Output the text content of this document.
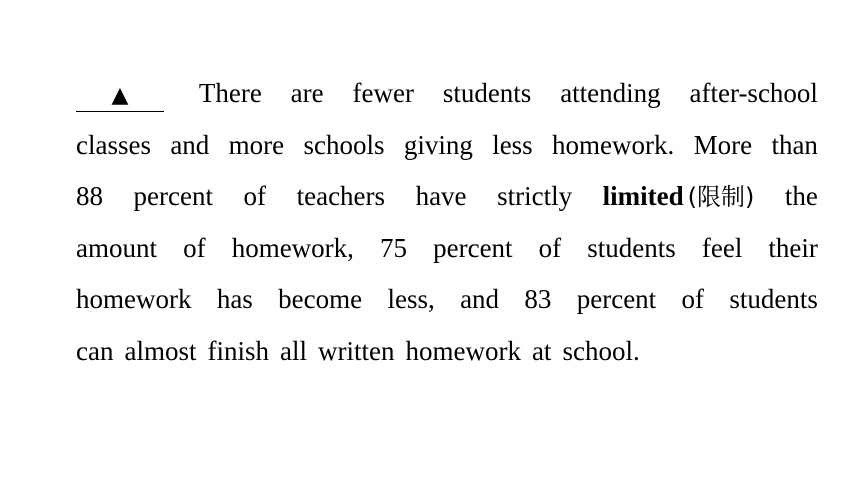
▲	There are fewer students attending after-school
classes and more schools giving less homework. More than
88 percent of teachers have strictly limited (限制) the
amount of homework, 75 percent of students feel their
homework has become less, and 83 percent of students
can almost finish all written homework at school.
